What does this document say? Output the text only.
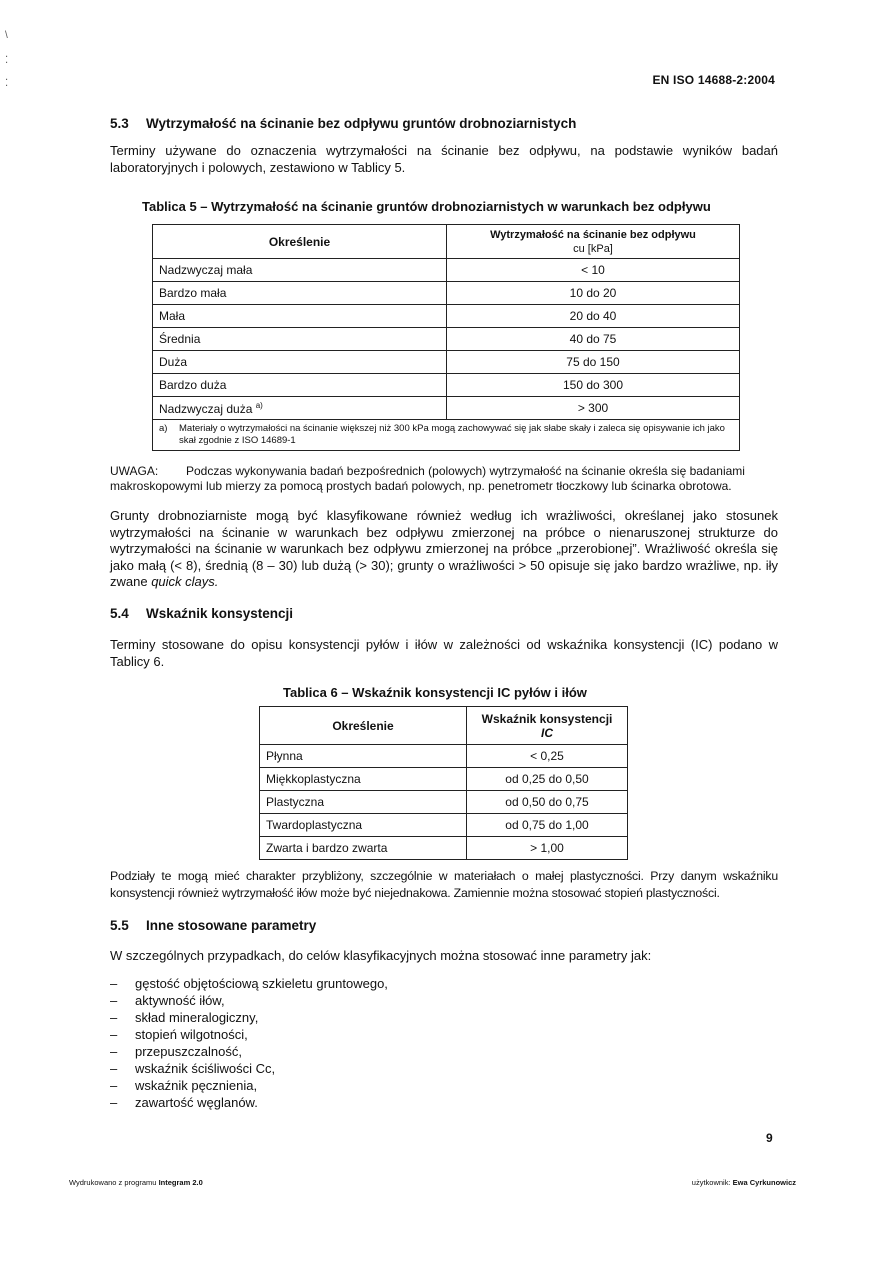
\
⁚
⁚	EN ISO 14688-2:2004
5.3 Wytrzymałość na ścinanie bez odpływu gruntów drobnoziarnistych
Terminy używane do oznaczenia wytrzymałości na ścinanie bez odpływu, na podstawie wyników badań laboratoryjnych i polowych, zestawiono w Tablicy 5.
Tablica 5 – Wytrzymałość na ścinanie gruntów drobnoziarnistych w warunkach bez odpływu
Określenie	Wytrzymałość na ścinanie bez odpływu
cu [kPa]
Nadzwyczaj mała	< 10
Bardzo mała	10 do 20
Mała	20 do 40
Średnia	40 do 75
Duża	75 do 150
Bardzo duża	150 do 300
Nadzwyczaj duża $^{a)}$	> 300

a) Materiały o wytrzymałości na ścinanie większej niż 300 kPa mogą zachowywać się jak słabe skały i zaleca się opisywanie ich jako skał zgodnie z ISO 14689-1	
UWAGA: Podczas wykonywania badań bezpośrednich (polowych) wytrzymałość na ścinanie określa się badaniami makroskopowymi lub mierzy za pomocą prostych badań polowych, np. penetrometr tłoczkowy lub ścinarka obrotowa.
Grunty drobnoziarniste mogą być klasyfikowane również według ich wrażliwości, określanej jako stosunek wytrzymałości na ścinanie w warunkach bez odpływu zmierzonej na próbce o nienaruszonej strukturze do wytrzymałości na ścinanie w warunkach bez odpływu zmierzonej na próbce „przerobionej”. Wrażliwość określa się jako małą (< 8), średnią (8 – 30) lub dużą (> 30); grunty o wrażliwości > 50 opisuje się jako bardzo wrażliwe, np. iły zwane quick clays.
5.4 Wskaźnik konsystencji
Terminy stosowane do opisu konsystencji pyłów i iłów w zależności od wskaźnika konsystencji (IC) podano w Tablicy 6.
Tablica 6 – Wskaźnik konsystencji IC pyłów i iłów
Określenie	Wskaźnik konsystencji
IC
Płynna	< 0,25
Miękkoplastyczna	od 0,25 do 0,50
Plastyczna	od 0,50 do 0,75
Twardoplastyczna	od 0,75 do 1,00
Zwarta i bardzo zwarta	> 1,00
Podziały te mogą mieć charakter przybliżony, szczególnie w materiałach o małej plastyczności. Przy danym wskaźniku konsystencji również wytrzymałość iłów może być niejednakowa. Zamiennie można stosować stopień plastyczności.
5.5 Inne stosowane parametry
W szczególnych przypadkach, do celów klasyfikacyjnych można stosować inne parametry jak:
– gęstość objętościową szkieletu gruntowego,
– aktywność iłów,
– skład mineralogiczny,
– stopień wilgotności,
– przepuszczalność,
– wskaźnik ściśliwości Cc,
– wskaźnik pęcznienia,
– zawartość węglanów.
9
Wydrukowano z programu Integram 2.0	użytkownik: Ewa Cyrkunowicz
